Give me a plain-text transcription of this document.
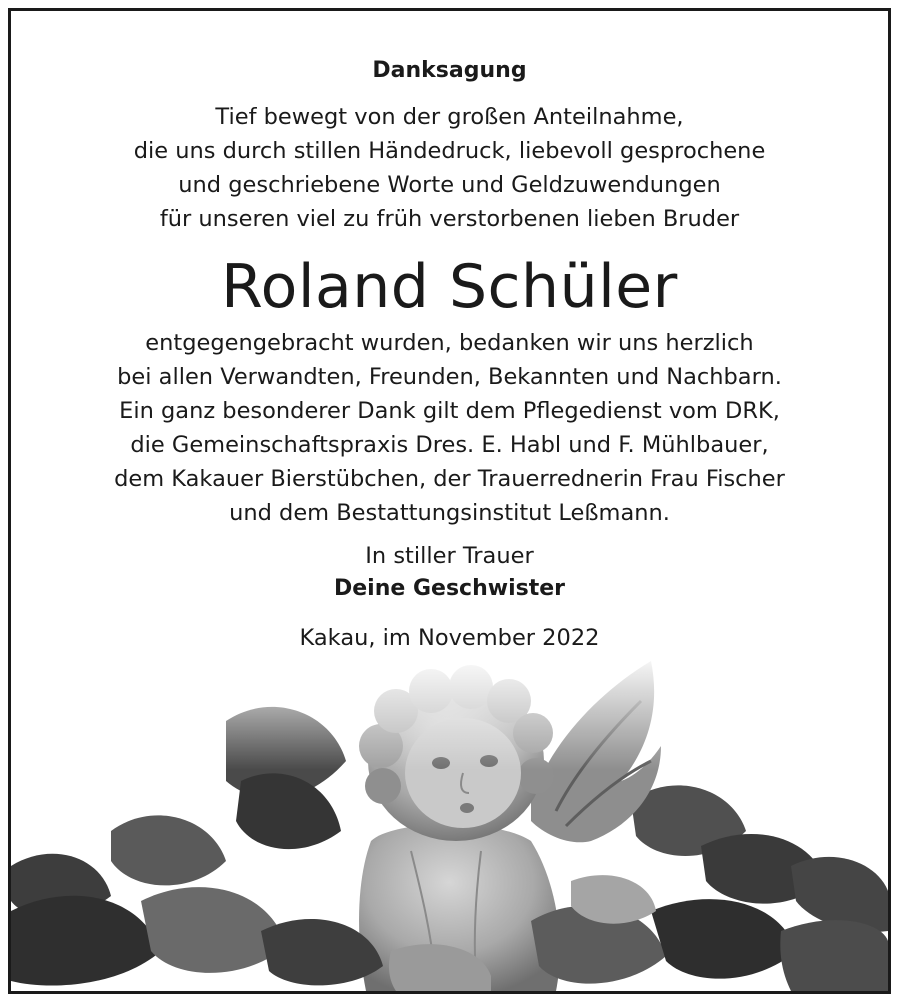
Danksagung
Tief bewegt von der großen Anteilnahme,
die uns durch stillen Händedruck, liebevoll gesprochene
und geschriebene Worte und Geldzuwendungen
für unseren viel zu früh verstorbenen lieben Bruder
Roland Schüler
entgegengebracht wurden, bedanken wir uns herzlich
bei allen Verwandten, Freunden, Bekannten und Nachbarn.
Ein ganz besonderer Dank gilt dem Pflegedienst vom DRK,
die Gemeinschaftspraxis Dres. E. Habl und F. Mühlbauer,
dem Kakauer Bierstübchen, der Trauerrednerin Frau Fischer
und dem Bestattungsinstitut Leßmann.
In stiller Trauer
Deine Geschwister
Kakau, im November 2022
